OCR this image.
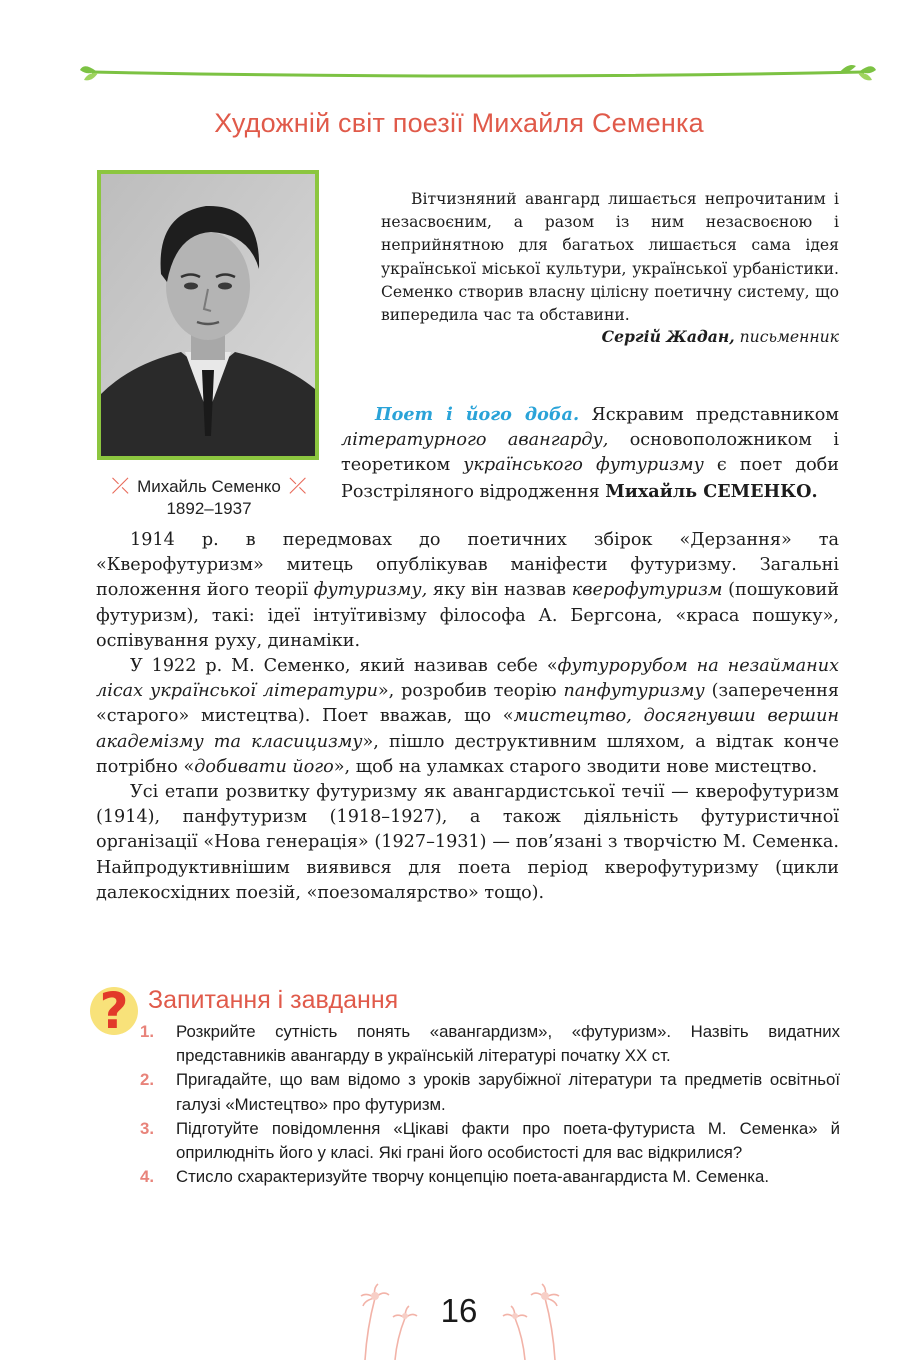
Художній світ поезії Михайля Семенка
⤫ Михайль Семенко ⤫
1892–1937
Вітчизняний авангард лишається непрочитаним і незасвоєним, а разом із ним незасвоєною і неприйнятною для багатьох лишається сама ідея української міської культури, української урбаністики. Семенко створив власну цілісну поетичну систему, що випередила час та обставини.
Сергій Жадан, письменник
Поет і його доба. Яскравим представником літературного авангарду, основоположником і теоретиком українського футуризму є поет доби Розстріляного відродження Михайль СЕМЕНКО.

1914 р. в передмовах до поетичних збірок «Дерзання» та «Кверофутуризм» митець опублікував маніфести футуризму. Загальні положення його теорії футуризму, яку він назвав кверофутуризм (пошуковий футуризм), такі: ідеї інтуїтивізму філософа А. Бергсона, «краса пошуку», оспівування руху, динаміки.

У 1922 р. М. Семенко, який називав себе «футурорубом на незайманих лісах української літератури», розробив теорію панфутуризму (заперечення «старого» мистецтва). Поет вважав, що «мистецтво, досягнувши вершин академізму та класицизму», пішло деструктивним шляхом, а відтак конче потрібно «добивати його», щоб на уламках старого зводити нове мистецтво.

Усі етапи розвитку футуризму як авангардистської течії — кверофутуризм (1914), панфутуризм (1918–1927), а також діяльність футуристичної організації «Нова генерація» (1927–1931) — пов’язані з творчістю М. Семенка. Найпродуктивнішим виявився для поета період кверофутуризму (цикли далекосхідних поезій, «поезомалярство» тощо).

? Запитання і завдання
1.	Розкрийте сутність понять «авангардизм», «футуризм». Назвіть видатних представників авангарду в українській літературі початку ХХ ст.
2.	Пригадайте, що вам відомо з уроків зарубіжної літератури та предметів освітньої галузі «Мистецтво» про футуризм.
3.	Підготуйте повідомлення «Цікаві факти про поета-футуриста М. Семенка» й оприлюдніть його у класі. Які грані його особистості для вас відкрилися?
4.	Стисло схарактеризуйте творчу концепцію поета-авангардиста М. Семенка.
16
